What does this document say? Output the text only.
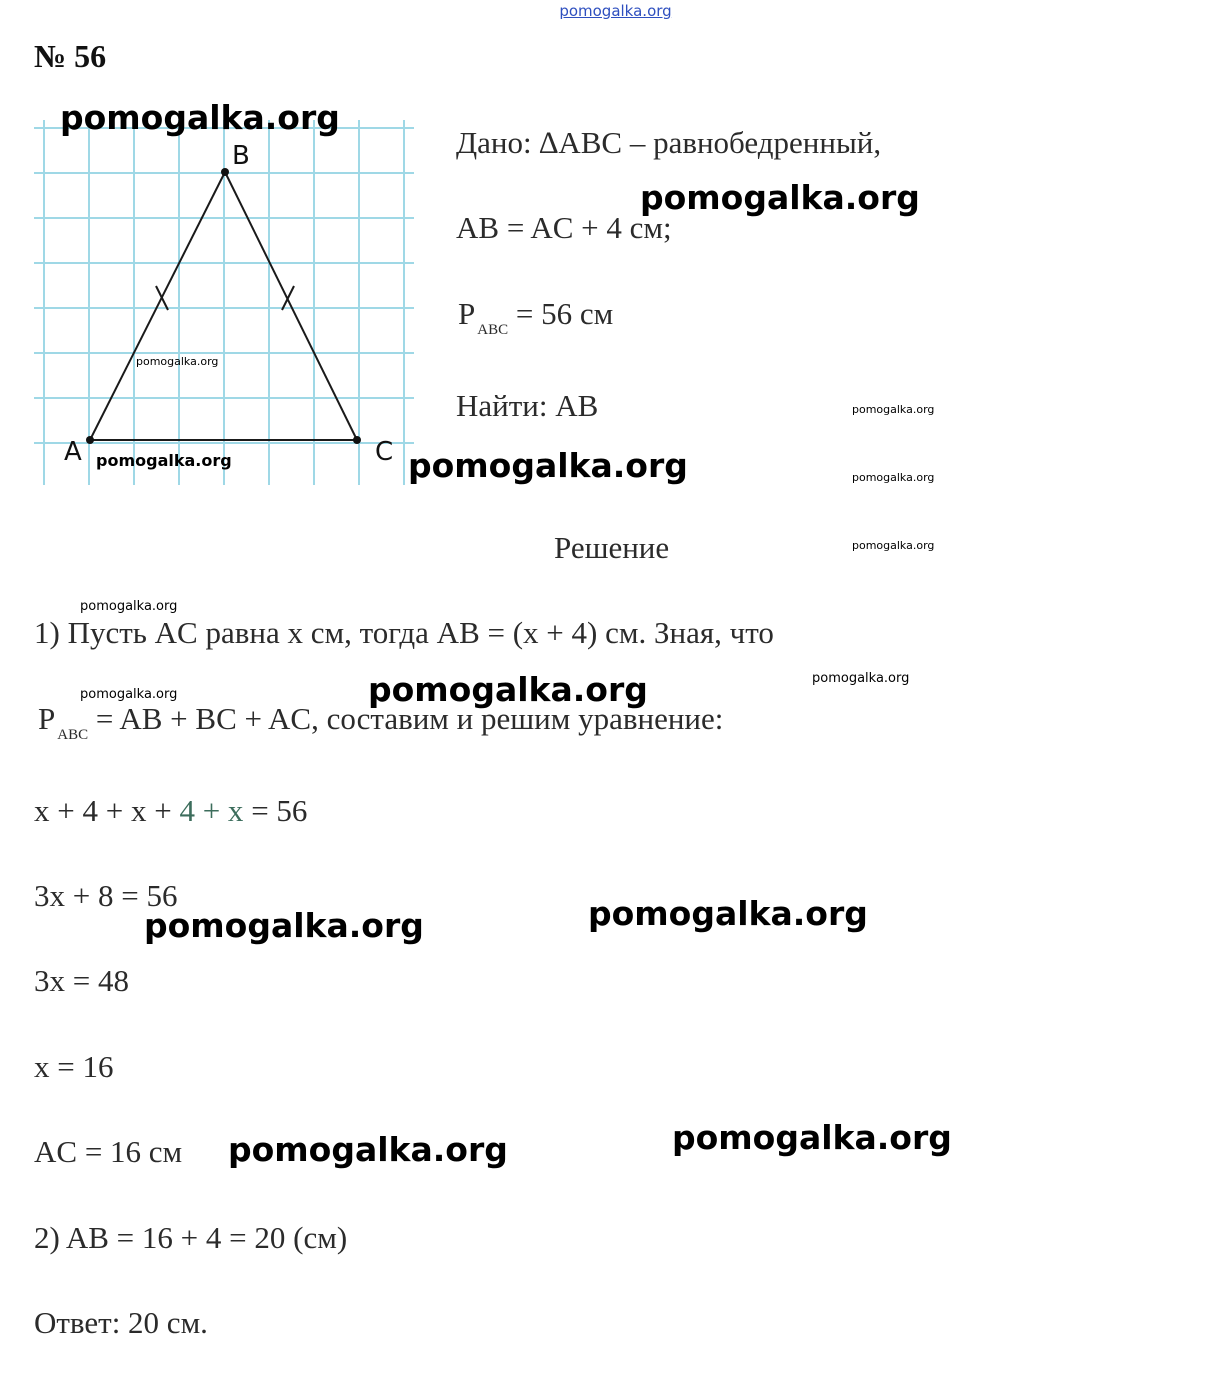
pomogalka.org
№ 56
A
B
C
Дано: ∆ABC – равнобедренный,
AB = AC + 4 см;
P $_{ABC}$ = 56 см
Найти: AB
Решение
1) Пусть AC равна x см, тогда AB = (x + 4) см. Зная, что
P $_{ABC}$ = AB + BC + AC, составим и решим уравнение:
x + 4 + x + 4 + x = 56
3x + 8 = 56
3x = 48
x = 16
AC = 16 см
2) AB = 16 + 4 = 20 (см)
Ответ: 20 см.
pomogalka.org
pomogalka.org
pomogalka.org
pomogalka.org
pomogalka.org	pomogalka.org
pomogalka.org	pomogalka.org
pomogalka.org
pomogalka.org
pomogalka.org
pomogalka.org
pomogalka.org
pomogalka.org
pomogalka.org
pomogalka.org
